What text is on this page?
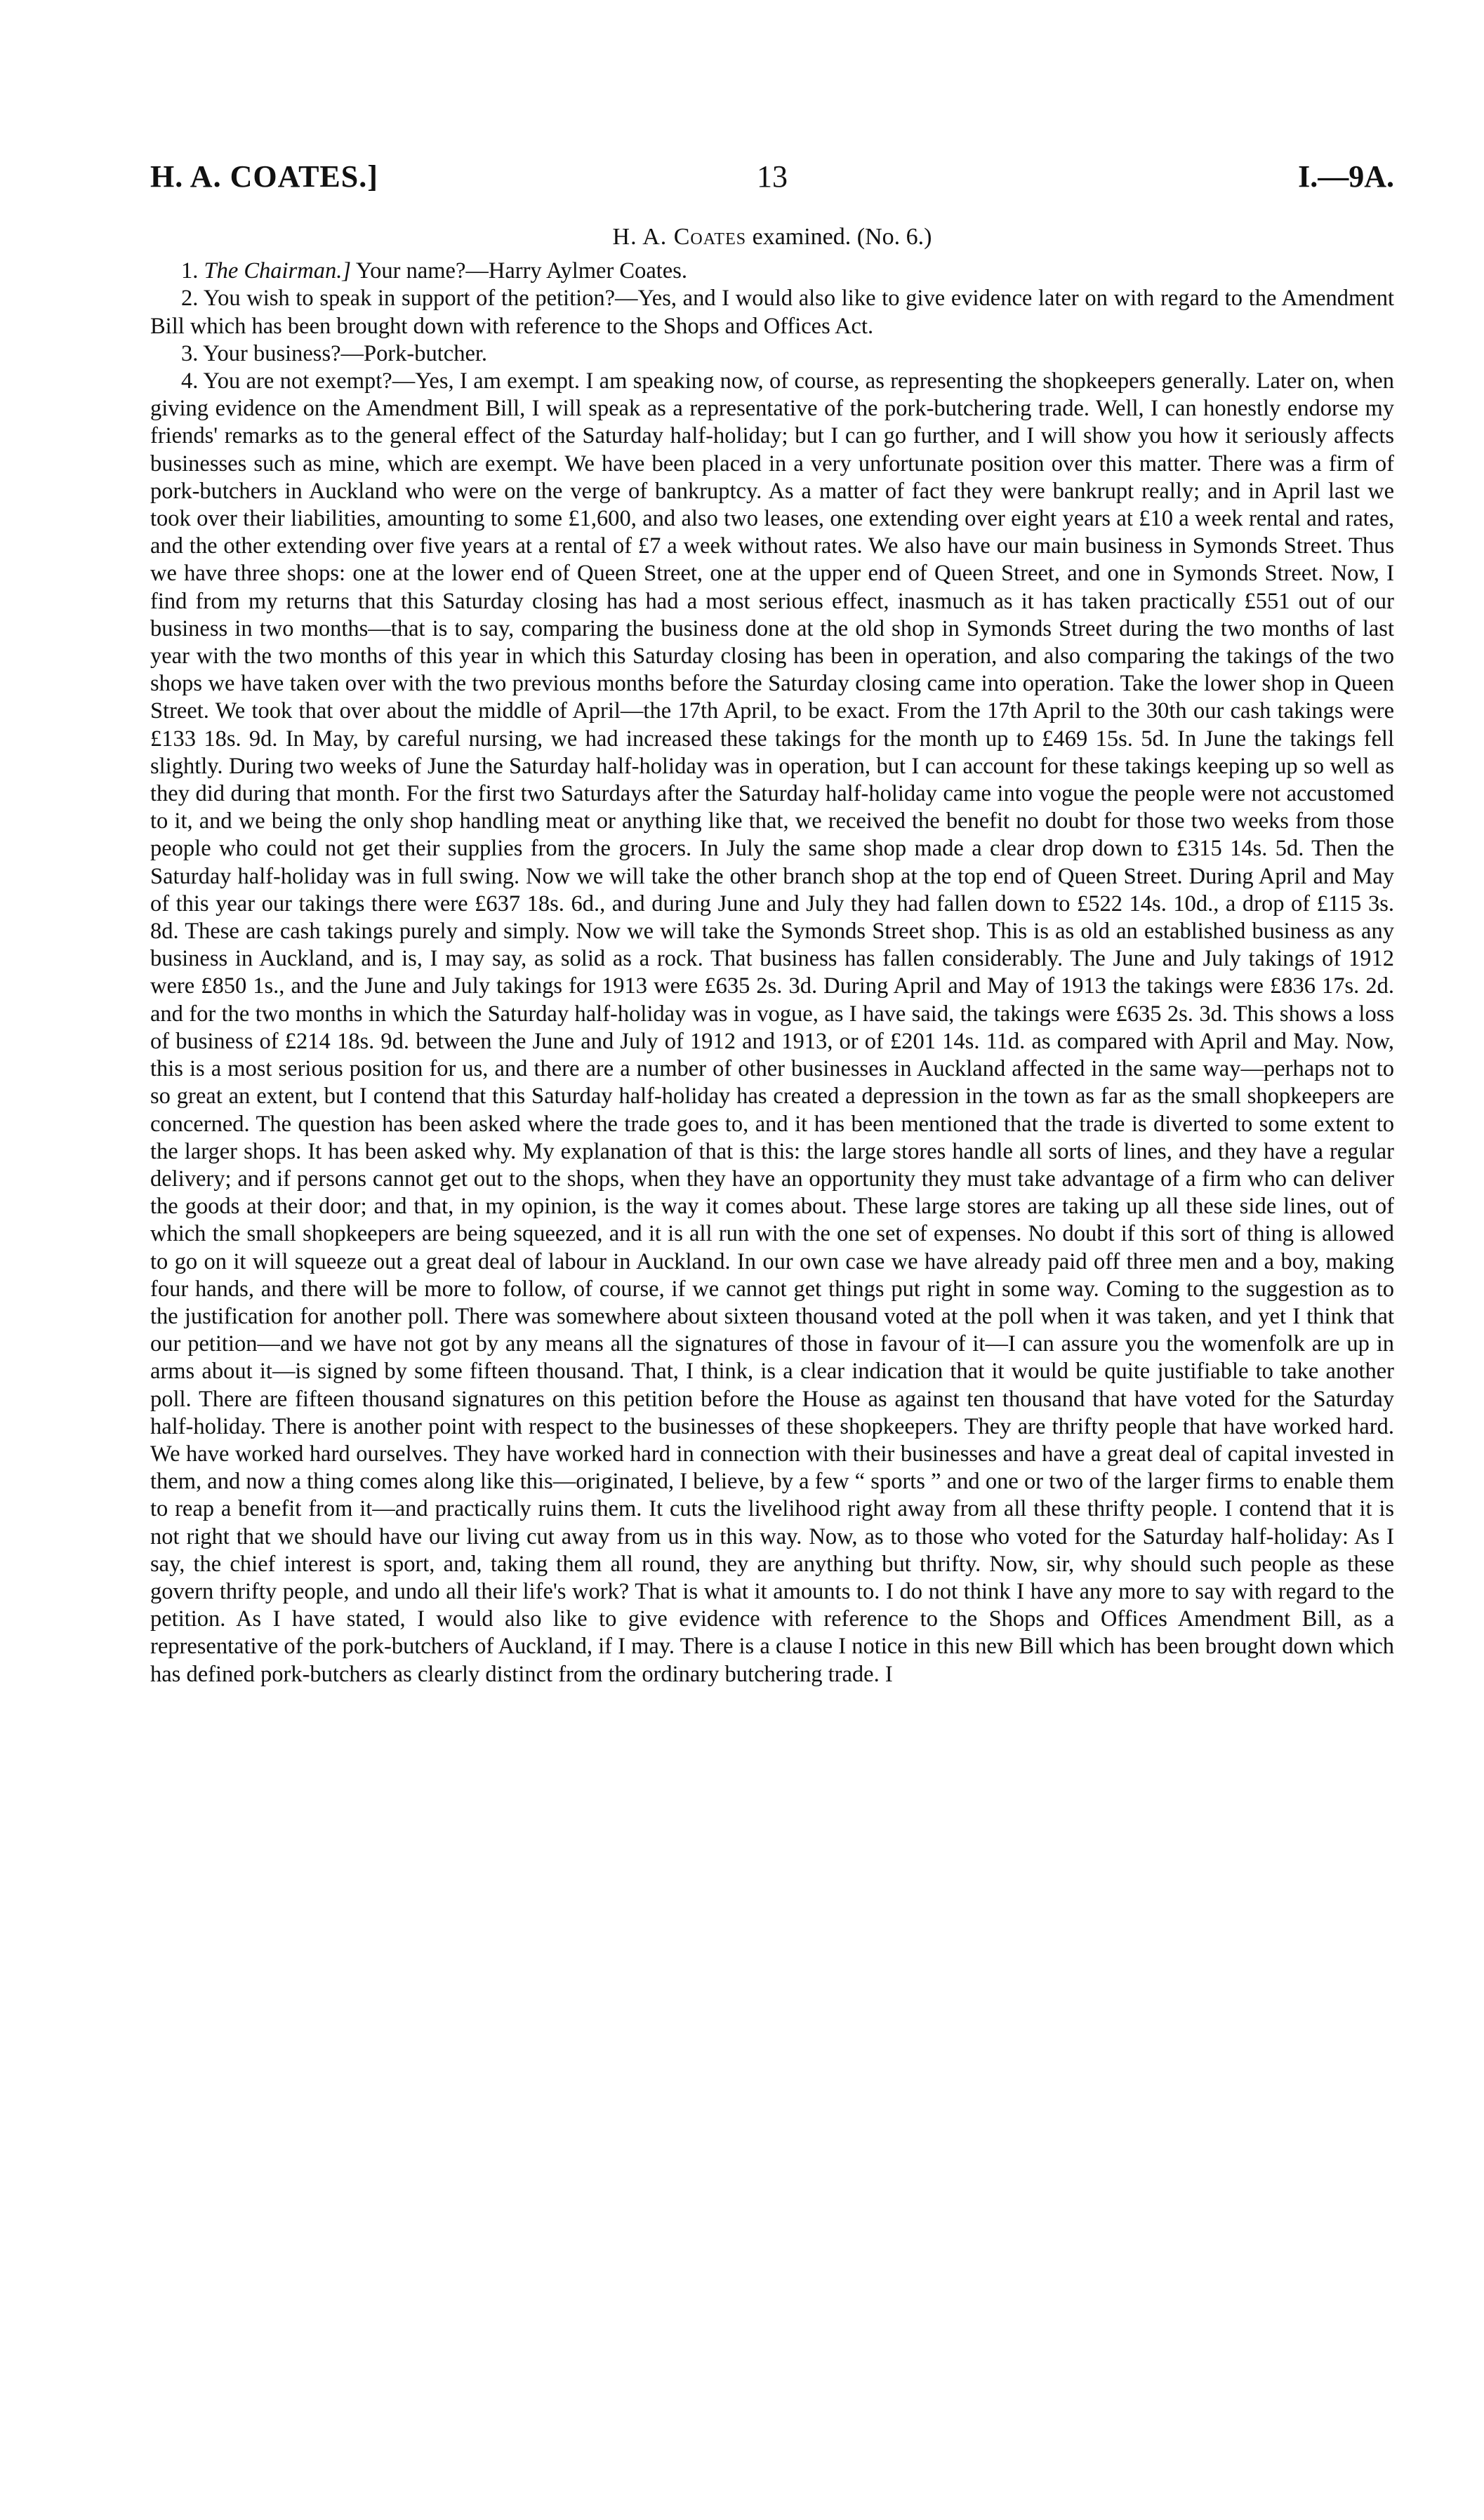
H. A. COATES.]	13	I.—9A.
H. A. Coates examined. (No. 6.)

1. The Chairman.] Your name?—Harry Aylmer Coates.

2. You wish to speak in support of the petition?—Yes, and I would also like to give evidence later on with regard to the Amendment Bill which has been brought down with reference to the Shops and Offices Act.

3. Your business?—Pork-butcher.

4. You are not exempt?—Yes, I am exempt. I am speaking now, of course, as representing the shopkeepers generally. Later on, when giving evidence on the Amendment Bill, I will speak as a representative of the pork-butchering trade. Well, I can honestly endorse my friends' remarks as to the general effect of the Saturday half-holiday; but I can go further, and I will show you how it seriously affects businesses such as mine, which are exempt. We have been placed in a very unfortunate position over this matter. There was a firm of pork-butchers in Auckland who were on the verge of bankruptcy. As a matter of fact they were bankrupt really; and in April last we took over their liabilities, amounting to some £1,600, and also two leases, one extending over eight years at £10 a week rental and rates, and the other extending over five years at a rental of £7 a week without rates. We also have our main business in Symonds Street. Thus we have three shops: one at the lower end of Queen Street, one at the upper end of Queen Street, and one in Symonds Street. Now, I find from my returns that this Saturday closing has had a most serious effect, inasmuch as it has taken practically £551 out of our business in two months—that is to say, comparing the business done at the old shop in Symonds Street during the two months of last year with the two months of this year in which this Saturday closing has been in operation, and also comparing the takings of the two shops we have taken over with the two previous months before the Saturday closing came into operation. Take the lower shop in Queen Street. We took that over about the middle of April—the 17th April, to be exact. From the 17th April to the 30th our cash takings were £133 18s. 9d. In May, by careful nursing, we had increased these takings for the month up to £469 15s. 5d. In June the takings fell slightly. During two weeks of June the Saturday half-holiday was in operation, but I can account for these takings keeping up so well as they did during that month. For the first two Saturdays after the Saturday half-holiday came into vogue the people were not accustomed to it, and we being the only shop handling meat or anything like that, we received the benefit no doubt for those two weeks from those people who could not get their supplies from the grocers. In July the same shop made a clear drop down to £315 14s. 5d. Then the Saturday half-holiday was in full swing. Now we will take the other branch shop at the top end of Queen Street. During April and May of this year our takings there were £637 18s. 6d., and during June and July they had fallen down to £522 14s. 10d., a drop of £115 3s. 8d. These are cash takings purely and simply. Now we will take the Symonds Street shop. This is as old an established business as any business in Auckland, and is, I may say, as solid as a rock. That business has fallen considerably. The June and July takings of 1912 were £850 1s., and the June and July takings for 1913 were £635 2s. 3d. During April and May of 1913 the takings were £836 17s. 2d. and for the two months in which the Saturday half-holiday was in vogue, as I have said, the takings were £635 2s. 3d. This shows a loss of business of £214 18s. 9d. between the June and July of 1912 and 1913, or of £201 14s. 11d. as compared with April and May. Now, this is a most serious position for us, and there are a number of other businesses in Auckland affected in the same way—perhaps not to so great an extent, but I contend that this Saturday half-holiday has created a depression in the town as far as the small shopkeepers are concerned. The question has been asked where the trade goes to, and it has been mentioned that the trade is diverted to some extent to the larger shops. It has been asked why. My explanation of that is this: the large stores handle all sorts of lines, and they have a regular delivery; and if persons cannot get out to the shops, when they have an opportunity they must take advantage of a firm who can deliver the goods at their door; and that, in my opinion, is the way it comes about. These large stores are taking up all these side lines, out of which the small shopkeepers are being squeezed, and it is all run with the one set of expenses. No doubt if this sort of thing is allowed to go on it will squeeze out a great deal of labour in Auckland. In our own case we have already paid off three men and a boy, making four hands, and there will be more to follow, of course, if we cannot get things put right in some way. Coming to the suggestion as to the justification for another poll. There was somewhere about sixteen thousand voted at the poll when it was taken, and yet I think that our petition—and we have not got by any means all the signatures of those in favour of it—I can assure you the womenfolk are up in arms about it—is signed by some fifteen thousand. That, I think, is a clear indication that it would be quite justifiable to take another poll. There are fifteen thousand signatures on this petition before the House as against ten thousand that have voted for the Saturday half-holiday. There is another point with respect to the businesses of these shopkeepers. They are thrifty people that have worked hard. We have worked hard ourselves. They have worked hard in connection with their businesses and have a great deal of capital invested in them, and now a thing comes along like this—originated, I believe, by a few “ sports ” and one or two of the larger firms to enable them to reap a benefit from it—and practically ruins them. It cuts the livelihood right away from all these thrifty people. I contend that it is not right that we should have our living cut away from us in this way. Now, as to those who voted for the Saturday half-holiday: As I say, the chief interest is sport, and, taking them all round, they are anything but thrifty. Now, sir, why should such people as these govern thrifty people, and undo all their life's work? That is what it amounts to. I do not think I have any more to say with regard to the petition. As I have stated, I would also like to give evidence with reference to the Shops and Offices Amendment Bill, as a representative of the pork-butchers of Auckland, if I may. There is a clause I notice in this new Bill which has been brought down which has defined pork-butchers as clearly distinct from the ordinary butchering trade. I
